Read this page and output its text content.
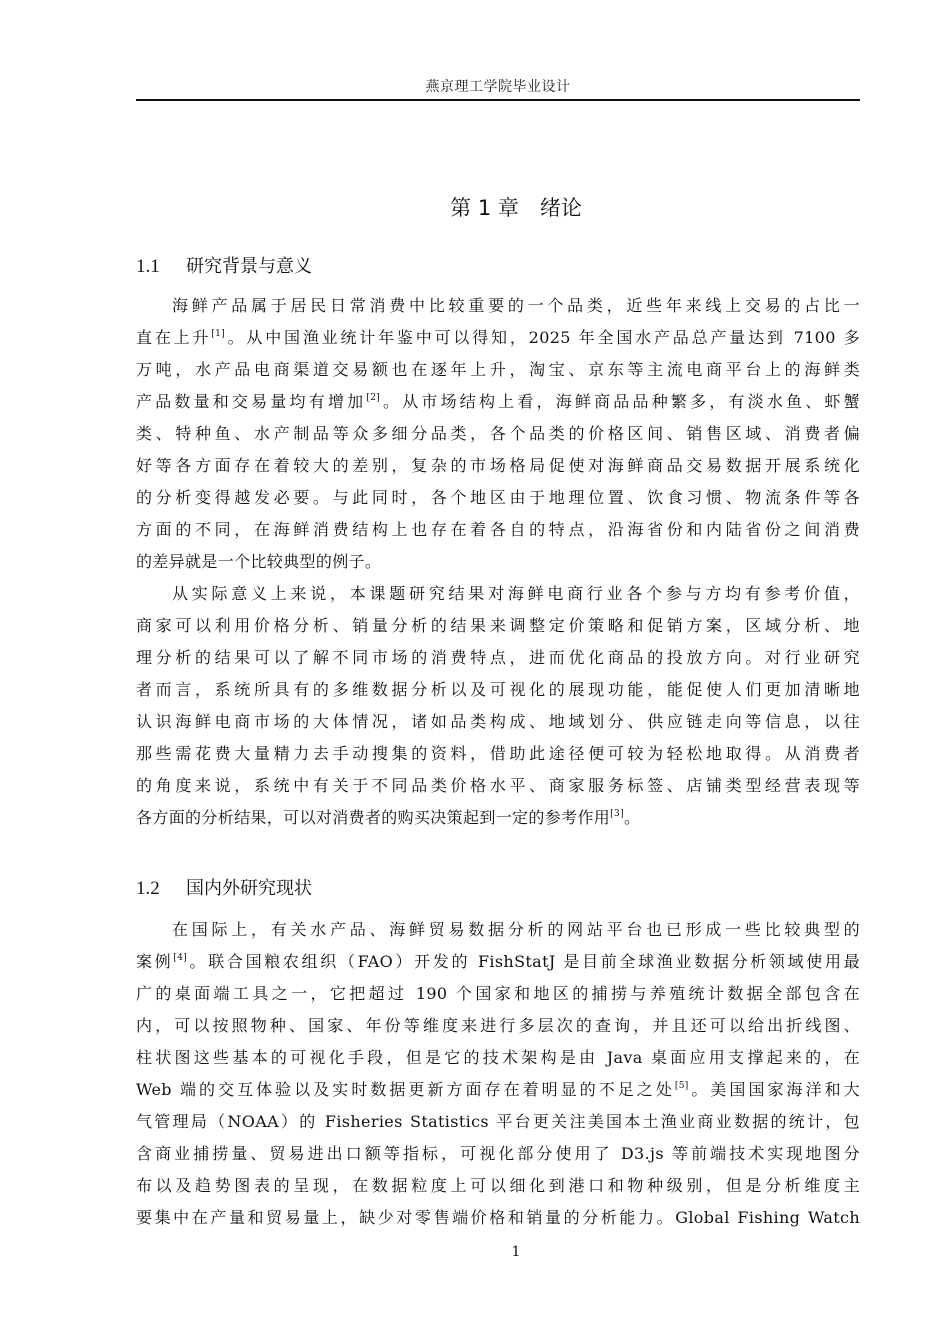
燕京理工学院毕业设计
第 1 章　绪论
1.1 研究背景与意义
海鲜产品属于居民日常消费中比较重要的一个品类，近些年来线上交易的占比一
直在上升[1]。从中国渔业统计年鉴中可以得知，2025 年全国水产品总产量达到 7100 多
万吨，水产品电商渠道交易额也在逐年上升，淘宝、京东等主流电商平台上的海鲜类
产品数量和交易量均有增加[2]。从市场结构上看，海鲜商品品种繁多，有淡水鱼、虾蟹
类、特种鱼、水产制品等众多细分品类，各个品类的价格区间、销售区域、消费者偏
好等各方面存在着较大的差别，复杂的市场格局促使对海鲜商品交易数据开展系统化
的分析变得越发必要。与此同时，各个地区由于地理位置、饮食习惯、物流条件等各
方面的不同，在海鲜消费结构上也存在着各自的特点，沿海省份和内陆省份之间消费
的差异就是一个比较典型的例子。
从实际意义上来说，本课题研究结果对海鲜电商行业各个参与方均有参考价值，
商家可以利用价格分析、销量分析的结果来调整定价策略和促销方案，区域分析、地
理分析的结果可以了解不同市场的消费特点，进而优化商品的投放方向。对行业研究
者而言，系统所具有的多维数据分析以及可视化的展现功能，能促使人们更加清晰地
认识海鲜电商市场的大体情况，诸如品类构成、地域划分、供应链走向等信息，以往
那些需花费大量精力去手动搜集的资料，借助此途径便可较为轻松地取得。从消费者
的角度来说，系统中有关于不同品类价格水平、商家服务标签、店铺类型经营表现等
各方面的分析结果，可以对消费者的购买决策起到一定的参考作用[3]。
1.2 国内外研究现状
在国际上，有关水产品、海鲜贸易数据分析的网站平台也已形成一些比较典型的
案例[4]。联合国粮农组织（FAO）开发的 FishStatJ 是目前全球渔业数据分析领域使用最
广的桌面端工具之一，它把超过 190 个国家和地区的捕捞与养殖统计数据全部包含在
内，可以按照物种、国家、年份等维度来进行多层次的查询，并且还可以给出折线图、
柱状图这些基本的可视化手段，但是它的技术架构是由 Java 桌面应用支撑起来的，在
Web 端的交互体验以及实时数据更新方面存在着明显的不足之处[5]。美国国家海洋和大
气管理局（NOAA）的 Fisheries Statistics 平台更关注美国本土渔业商业数据的统计，包
含商业捕捞量、贸易进出口额等指标，可视化部分使用了 D3.js 等前端技术实现地图分
布以及趋势图表的呈现，在数据粒度上可以细化到港口和物种级别，但是分析维度主
要集中在产量和贸易量上，缺少对零售端价格和销量的分析能力。Global Fishing Watch
1
